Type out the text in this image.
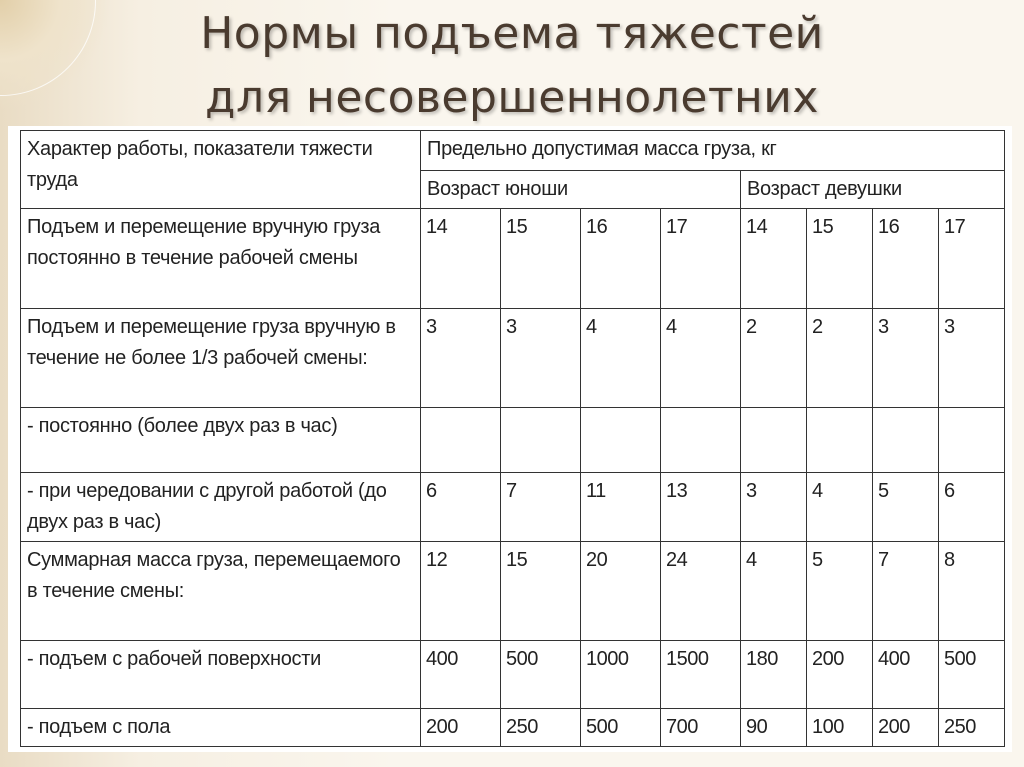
Нормы подъема тяжестей
для несовершеннолетних
Характер работы, показатели тяжести труда	Предельно допустимая масса груза, кг							
	Возраст юноши				Возраст девушки			
Подъем и перемещение вручную груза постоянно в течение рабочей смены	14	15	16	17	14	15	16	17
Подъем и перемещение груза вручную в течение не более 1/3 рабочей смены:	3	3	4	4	2	2	3	3
- постоянно (более двух раз в час)								
- при чередовании с другой работой (до двух раз в час)	6	7	11	13	3	4	5	6
Суммарная масса груза, перемещаемого в течение смены:	12	15	20	24	4	5	7	8
- подъем с рабочей поверхности	400	500	1000	1500	180	200	400	500
- подъем с пола	200	250	500	700	90	100	200	250
